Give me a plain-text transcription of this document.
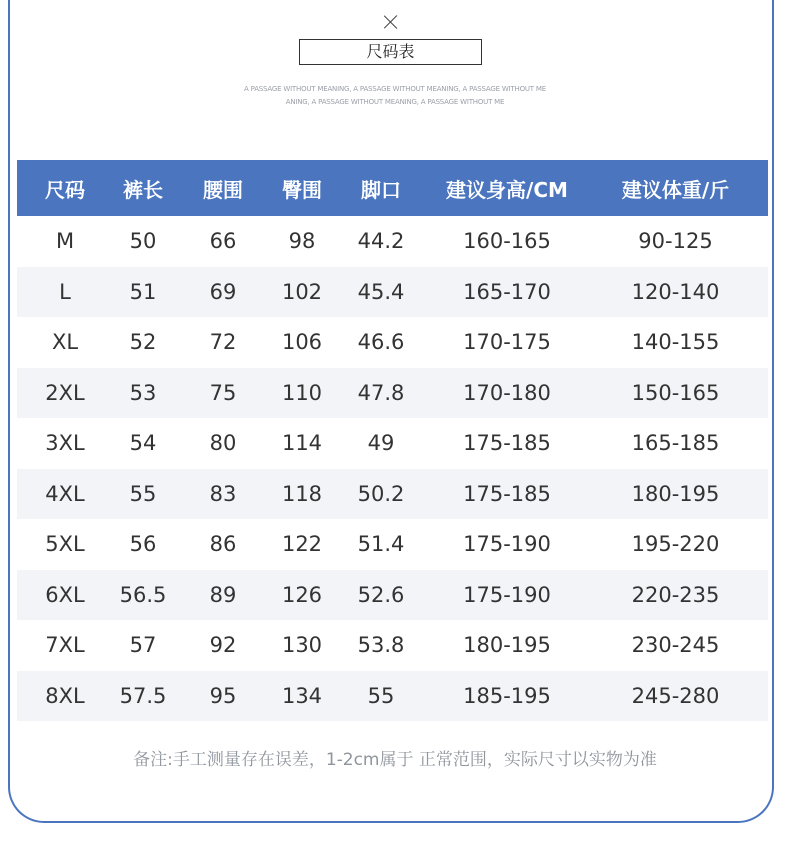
尺码表
A PASSAGE WITHOUT MEANING, A PASSAGE WITHOUT MEANING, A PASSAGE WITHOUT ME
ANING, A PASSAGE WITHOUT MEANING, A PASSAGE WITHOUT ME
尺码	裤长	腰围	臀围	脚口	建议身高/CM	建议体重/斤
M	50	66	98	44.2	160-165	90-125
L	51	69	102	45.4	165-170	120-140
XL	52	72	106	46.6	170-175	140-155
2XL	53	75	110	47.8	170-180	150-165
3XL	54	80	114	49	175-185	165-185
4XL	55	83	118	50.2	175-185	180-195
5XL	56	86	122	51.4	175-190	195-220
6XL	56.5	89	126	52.6	175-190	220-235
7XL	57	92	130	53.8	180-195	230-245
8XL	57.5	95	134	55	185-195	245-280
备注:手工测量存在误差，1-2cm属于 正常范围，实际尺寸以实物为准
